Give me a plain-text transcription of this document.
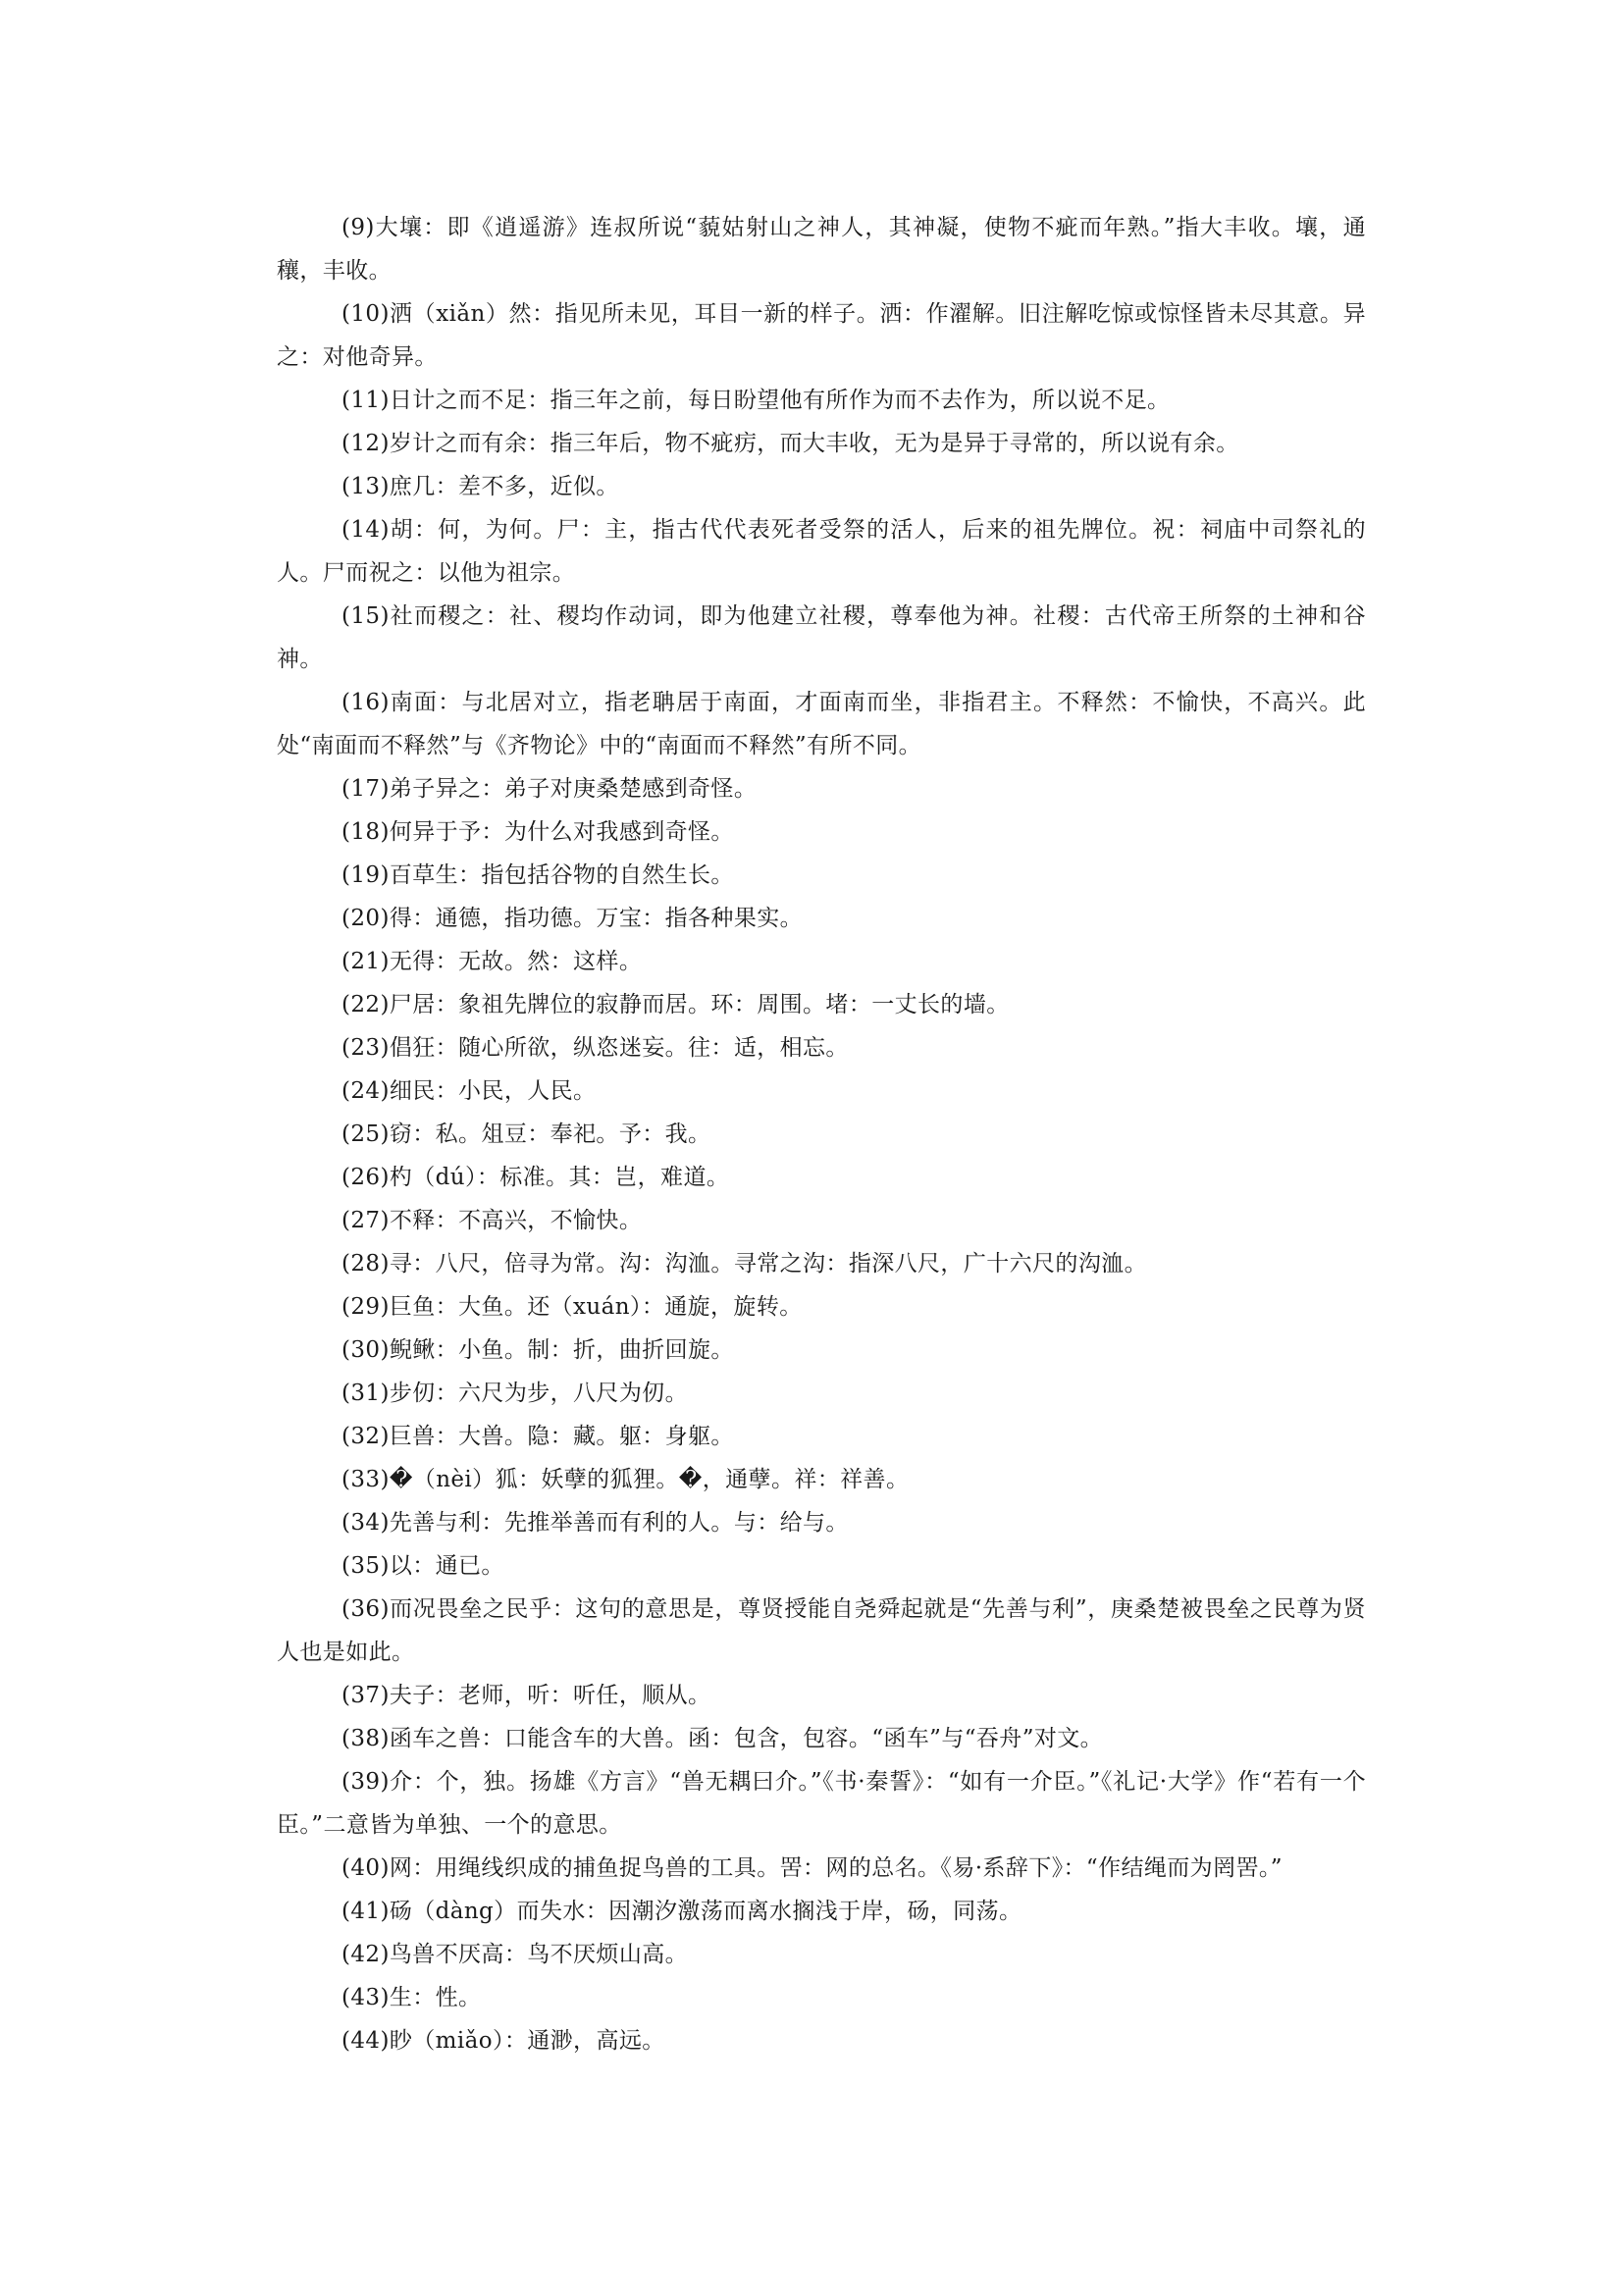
(9)大壤：即《逍遥游》连叔所说“藐姑射山之神人，其神凝，使物不疵而年熟。”指大丰收。壤，通穰，丰收。

(10)洒（xiǎn）然：指见所未见，耳目一新的样子。洒：作濯解。旧注解吃惊或惊怪皆未尽其意。异之：对他奇异。

(11)日计之而不足：指三年之前，每日盼望他有所作为而不去作为，所以说不足。

(12)岁计之而有余：指三年后，物不疵疠，而大丰收，无为是异于寻常的，所以说有余。

(13)庶几：差不多，近似。

(14)胡：何，为何。尸：主，指古代代表死者受祭的活人，后来的祖先牌位。祝：祠庙中司祭礼的人。尸而祝之：以他为祖宗。

(15)社而稷之：社、稷均作动词，即为他建立社稷，尊奉他为神。社稷：古代帝王所祭的土神和谷神。

(16)南面：与北居对立，指老聃居于南面，才面南而坐，非指君主。不释然：不愉快，不高兴。此处“南面而不释然”与《齐物论》中的“南面而不释然”有所不同。

(17)弟子异之：弟子对庚桑楚感到奇怪。

(18)何异于予：为什么对我感到奇怪。

(19)百草生：指包括谷物的自然生长。

(20)得：通德，指功德。万宝：指各种果实。

(21)无得：无故。然：这样。

(22)尸居：象祖先牌位的寂静而居。环：周围。堵：一丈长的墙。

(23)倡狂：随心所欲，纵恣迷妄。往：适，相忘。

(24)细民：小民，人民。

(25)窃：私。俎豆：奉祀。予：我。

(26)杓（dú）：标准。其：岂，难道。

(27)不释：不高兴，不愉快。

(28)寻：八尺，倍寻为常。沟：沟洫。寻常之沟：指深八尺，广十六尺的沟洫。

(29)巨鱼：大鱼。还（xuán）：通旋，旋转。

(30)鲵鳅：小鱼。制：折，曲折回旋。

(31)步仞：六尺为步，八尺为仞。

(32)巨兽：大兽。隐：藏。躯：身躯。

(33)�（nèi）狐：妖孽的狐狸。�，通孽。祥：祥善。

(34)先善与利：先推举善而有利的人。与：给与。

(35)以：通已。

(36)而况畏垒之民乎：这句的意思是，尊贤授能自尧舜起就是“先善与利”，庚桑楚被畏垒之民尊为贤人也是如此。

(37)夫子：老师，听：听任，顺从。

(38)函车之兽：口能含车的大兽。函：包含，包容。“函车”与“吞舟”对文。

(39)介：个，独。扬雄《方言》“兽无耦曰介。”《书·秦誓》：“如有一介臣。”《礼记·大学》作“若有一个臣。”二意皆为单独、一个的意思。

(40)网：用绳线织成的捕鱼捉鸟兽的工具。罟：网的总名。《易·系辞下》：“作结绳而为罔罟。”

(41)砀（dàng）而失水：因潮汐激荡而离水搁浅于岸，砀，同荡。

(42)鸟兽不厌高：鸟不厌烦山高。

(43)生：性。

(44)眇（miǎo）：通渺，高远。
